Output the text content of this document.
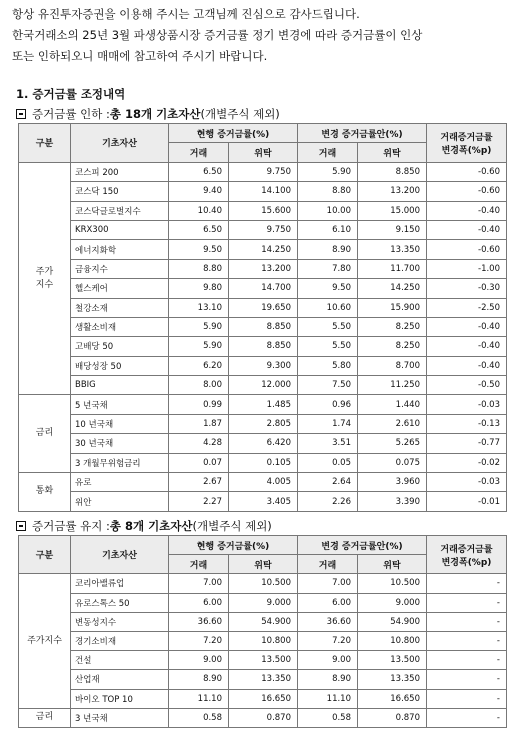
항상 유진투자증권을 이용해 주시는 고객님께 진심으로 감사드립니다.
한국거래소의 25년 3월 파생상품시장 증거금률 정기 변경에 따라 증거금률이 인상
또는 인하되오니 매매에 참고하여 주시기 바랍니다.
1. 증거금률 조정내역
증거금률 인하 : 총 18개 기초자산 (개별주식 제외)
구분	기초자산	현행 증거금률(%)		변경 증거금률안(%)		거래증거금률
변경폭(%p)

		거래	위탁	거래	위탁	
주가
지수	코스피 200	6.50	9.750	5.90	8.850	-0.60
	코스닥 150	9.40	14.100	8.80	13.200	-0.60
	코스닥글로벌지수	10.40	15.600	10.00	15.000	-0.40
	KRX300	6.50	9.750	6.10	9.150	-0.40
	에너지화학	9.50	14.250	8.90	13.350	-0.60
	금융지수	8.80	13.200	7.80	11.700	-1.00
	헬스케어	9.80	14.700	9.50	14.250	-0.30
	철강소재	13.10	19.650	10.60	15.900	-2.50
	생활소비재	5.90	8.850	5.50	8.250	-0.40
	고배당 50	5.90	8.850	5.50	8.250	-0.40
	배당성장 50	6.20	9.300	5.80	8.700	-0.40
	BBIG	8.00	12.000	7.50	11.250	-0.50
금리	5 년국채	0.99	1.485	0.96	1.440	-0.03
	10 년국채	1.87	2.805	1.74	2.610	-0.13
	30 년국채	4.28	6.420	3.51	5.265	-0.77
	3 개월무위험금리	0.07	0.105	0.05	0.075	-0.02
통화	유로	2.67	4.005	2.64	3.960	-0.03
	위안	2.27	3.405	2.26	3.390	-0.01
증거금률 유지 : 총 8개 기초자산 (개별주식 제외)
구분	기초자산	현행 증거금률(%)		변경 증거금률안(%)		거래증거금률
변경폭(%p)

		거래	위탁	거래	위탁	
주가지수	코리아밸류업	7.00	10.500	7.00	10.500	-
	유로스톡스 50	6.00	9.000	6.00	9.000	-
	변동성지수	36.60	54.900	36.60	54.900	-
	경기소비재	7.20	10.800	7.20	10.800	-
	건설	9.00	13.500	9.00	13.500	-
	산업재	8.90	13.350	8.90	13.350	-
	바이오 TOP 10	11.10	16.650	11.10	16.650	-
금리	3 년국채	0.58	0.870	0.58	0.870	-
